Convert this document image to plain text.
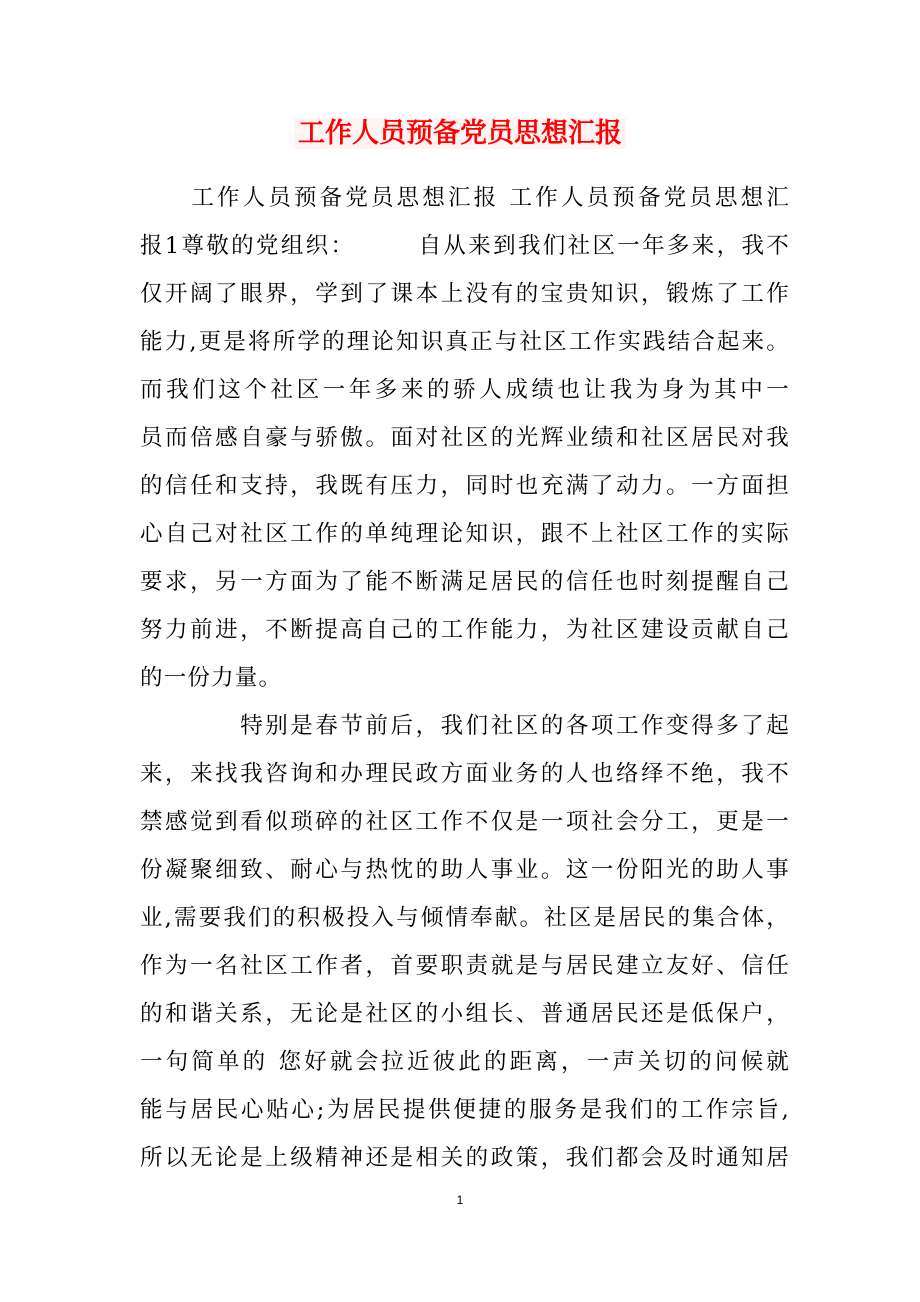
工作人员预备党员思想汇报
　　工作人员预备党员思想汇报 工作人员预备党员思想汇
报1尊敬的党组织：　　　自从来到我们社区一年多来，我不
仅开阔了眼界，学到了课本上没有的宝贵知识，锻炼了工作
能力,更是将所学的理论知识真正与社区工作实践结合起来。
而我们这个社区一年多来的骄人成绩也让我为身为其中一
员而倍感自豪与骄傲。面对社区的光辉业绩和社区居民对我
的信任和支持，我既有压力，同时也充满了动力。一方面担
心自己对社区工作的单纯理论知识，跟不上社区工作的实际
要求，另一方面为了能不断满足居民的信任也时刻提醒自己
努力前进，不断提高自己的工作能力，为社区建设贡献自己
的一份力量。
　　　　特别是春节前后，我们社区的各项工作变得多了起
来，来找我咨询和办理民政方面业务的人也络绎不绝，我不
禁感觉到看似琐碎的社区工作不仅是一项社会分工，更是一
份凝聚细致、耐心与热忱的助人事业。这一份阳光的助人事
业,需要我们的积极投入与倾情奉献。社区是居民的集合体，
作为一名社区工作者，首要职责就是与居民建立友好、信任
的和谐关系，无论是社区的小组长、普通居民还是低保户，
一句简单的 您好就会拉近彼此的距离，一声关切的问候就
能与居民心贴心;为居民提供便捷的服务是我们的工作宗旨,
所以无论是上级精神还是相关的政策，我们都会及时通知居
1
